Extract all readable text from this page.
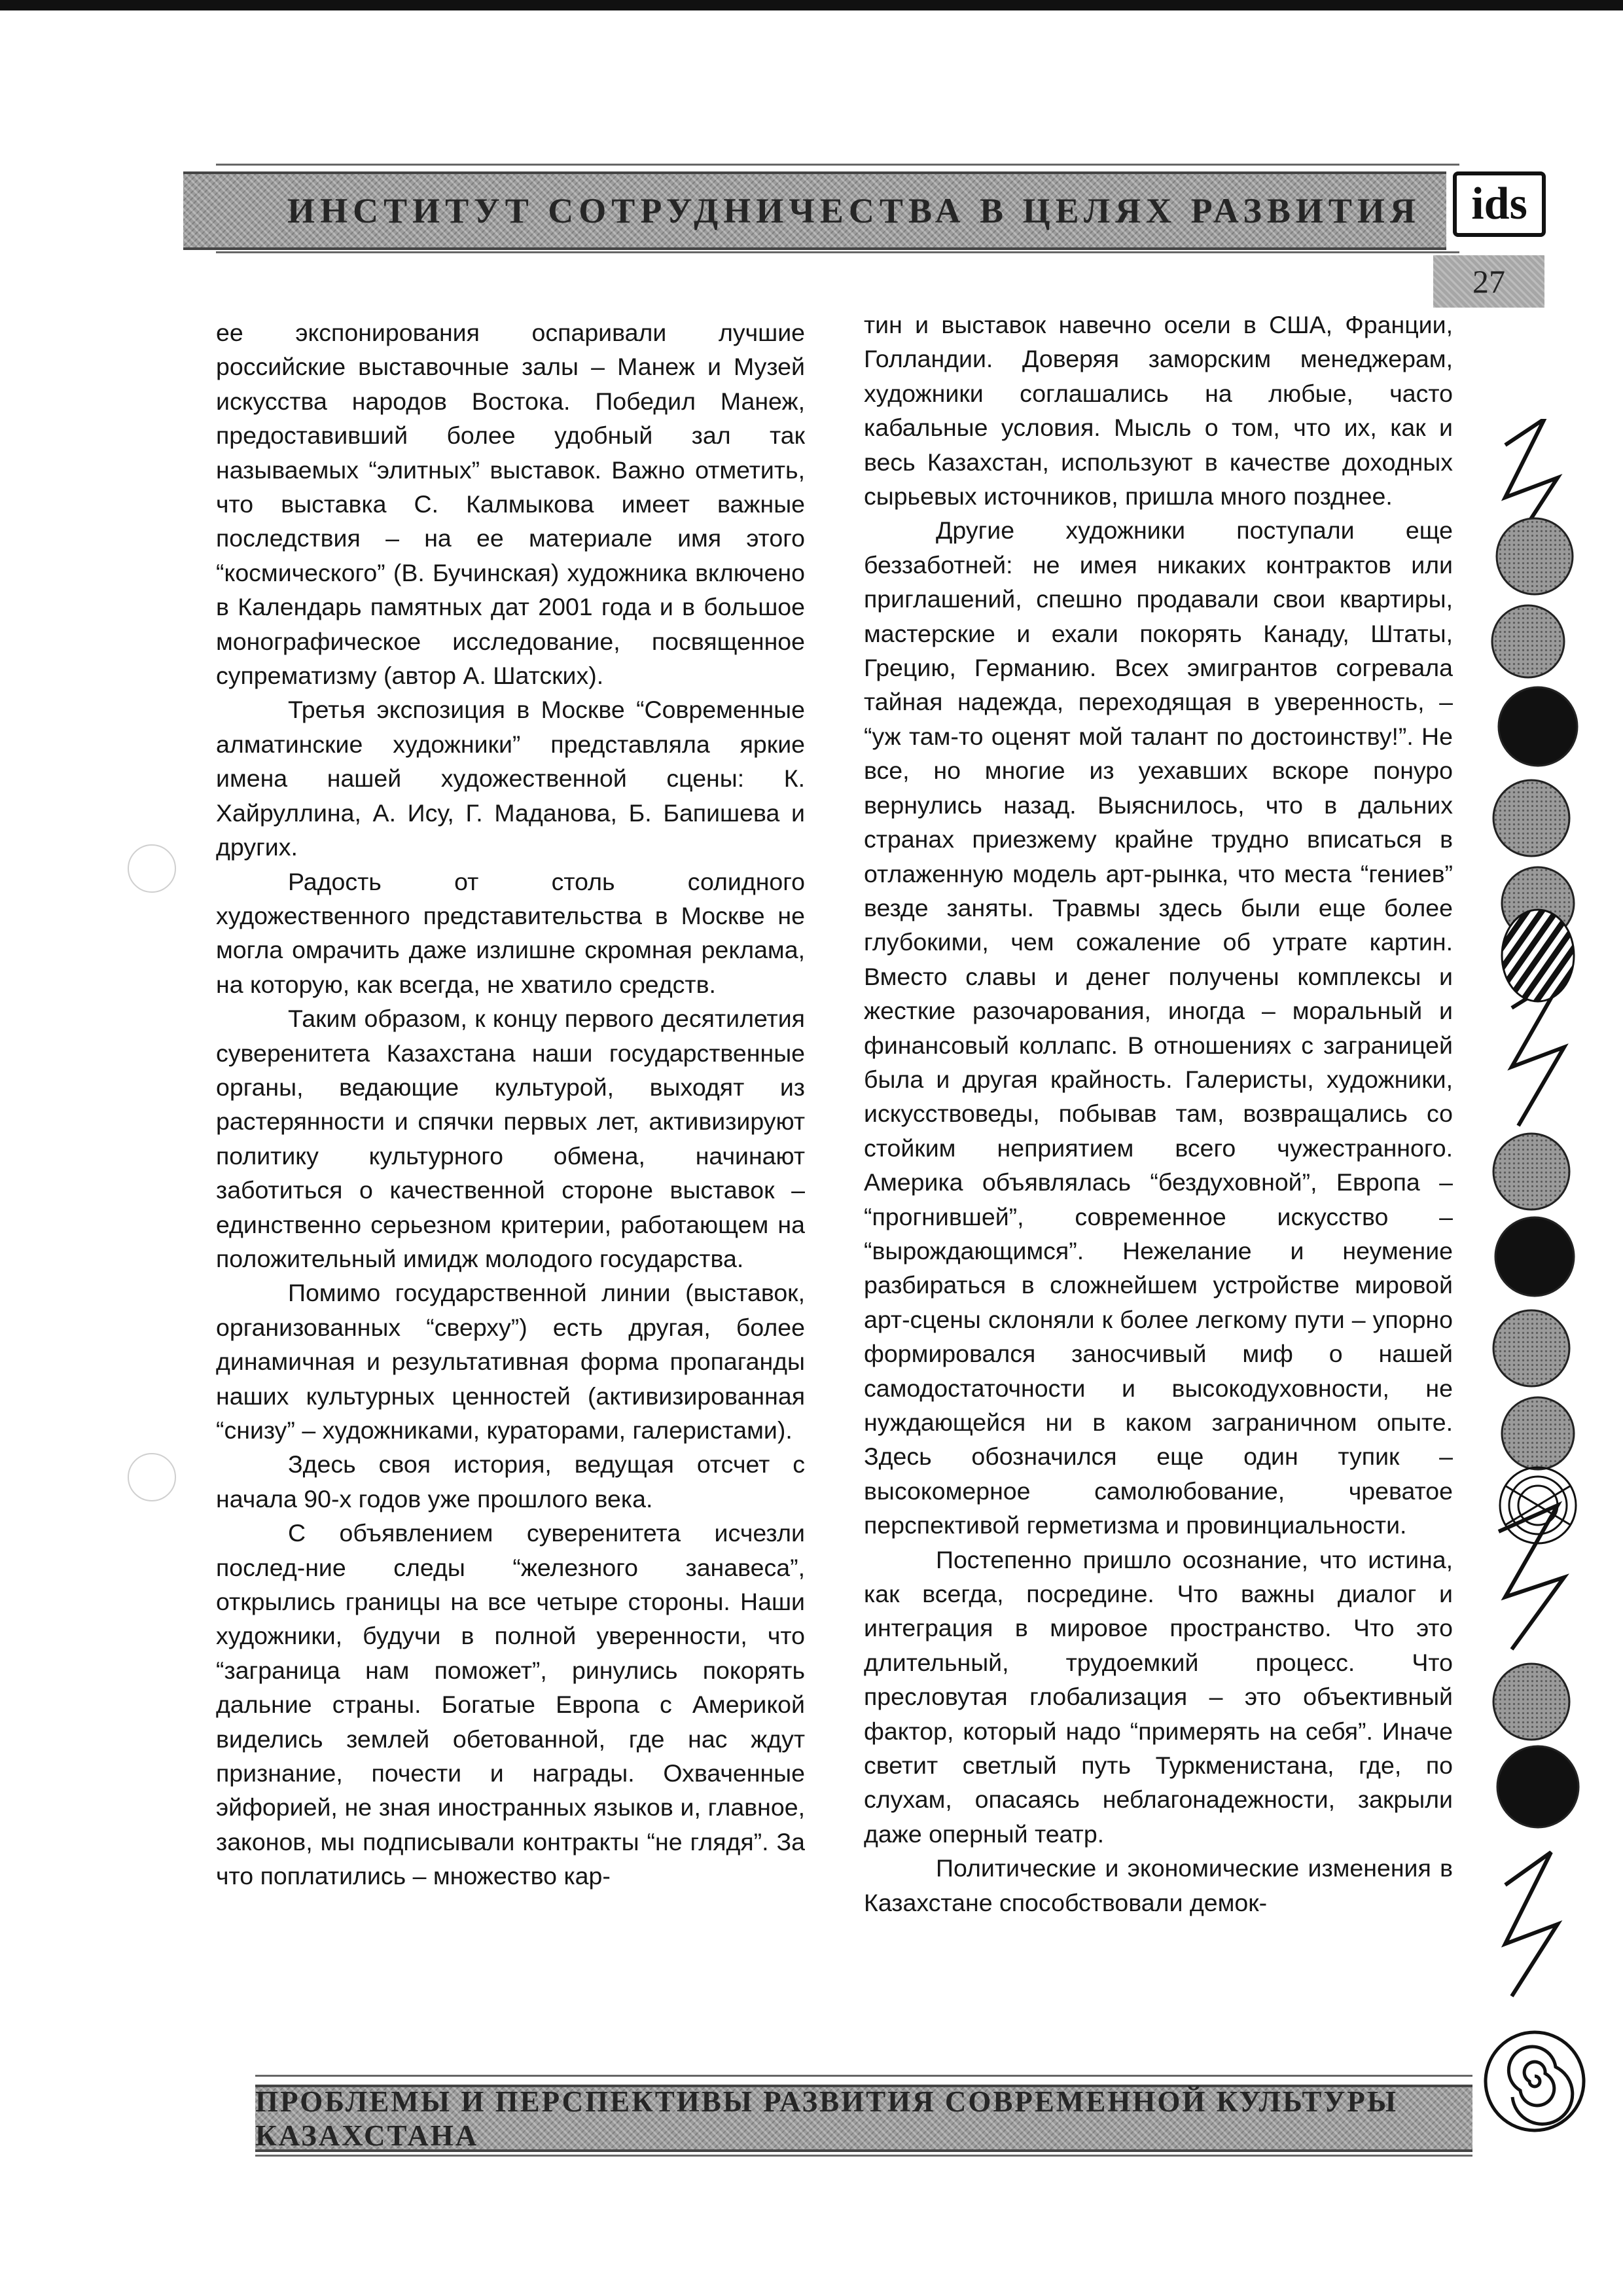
ИНСТИТУТ СОТРУДНИЧЕСТВА В ЦЕЛЯХ РАЗВИТИЯ ids
27

ее экспонирования оспаривали лучшие российские выставочные залы – Манеж и Музей искусства народов Востока. Победил Манеж, предоставивший более удобный зал так называемых “элитных” выставок. Важно отметить, что выставка С. Калмыкова имеет важные последствия – на ее материале имя этого “космического” (В. Бучинская) художника включено в Календарь памятных дат 2001 года и в большое монографическое исследование, посвященное супрематизму (автор А. Шатских).

Третья экспозиция в Москве “Современные алматинские художники” представляла яркие имена нашей художественной сцены: К. Хайруллина, А. Ису, Г. Маданова, Б. Бапишева и других.

Радость от столь солидного художественного представительства в Москве не могла омрачить даже излишне скромная реклама, на которую, как всегда, не хватило средств.

Таким образом, к концу первого десятилетия суверенитета Казахстана наши государственные органы, ведающие культурой, выходят из растерянности и спячки первых лет, активизируют политику культурного обмена, начинают заботиться о качественной стороне выставок – единственно серьезном критерии, работающем на положительный имидж молодого государства.

Помимо государственной линии (выставок, организованных “сверху”) есть другая, более динамичная и результативная форма пропаганды наших культурных ценностей (активизированная “снизу” – художниками, кураторами, галеристами).

Здесь своя история, ведущая отсчет с начала 90-х годов уже прошлого века.

С объявлением суверенитета исчезли послед-ние следы “железного занавеса”, открылись границы на все четыре стороны. Наши художники, будучи в полной уверенности, что “заграница нам поможет”, ринулись покорять дальние страны. Богатые Европа с Америкой виделись землей обетованной, где нас ждут признание, почести и награды. Охваченные эйфорией, не зная иностранных языков и, главное, законов, мы подписывали контракты “не глядя”. За что поплатились – множество кар-

тин и выставок навечно осели в США, Франции, Голландии. Доверяя заморским менеджерам, художники соглашались на любые, часто кабальные условия. Мысль о том, что их, как и весь Казахстан, используют в качестве доходных сырьевых источников, пришла много позднее.

Другие художники поступали еще беззаботней: не имея никаких контрактов или приглашений, спешно продавали свои квартиры, мастерские и ехали покорять Канаду, Штаты, Грецию, Германию. Всех эмигрантов согревала тайная надежда, переходящая в уверенность, – “уж там-то оценят мой талант по достоинству!”. Не все, но многие из уехавших вскоре понуро вернулись назад. Выяснилось, что в дальних странах приезжему крайне трудно вписаться в отлаженную модель арт-рынка, что места “гениев” везде заняты. Травмы здесь были еще более глубокими, чем сожаление об утрате картин. Вместо славы и денег получены комплексы и жесткие разочарования, иногда – моральный и финансовый коллапс. В отношениях с заграницей была и другая крайность. Галеристы, художники, искусствоведы, побывав там, возвращались со стойким неприятием всего чужестранного. Америка объявлялась “бездуховной”, Европа – “прогнившей”, современное искусство – “вырождающимся”. Нежелание и неумение разбираться в сложнейшем устройстве мировой арт-сцены склоняли к более легкому пути – упорно формировался заносчивый миф о нашей самодостаточности и высокодуховности, не нуждающейся ни в каком заграничном опыте. Здесь обозначился еще один тупик – высокомерное самолюбование, чреватое перспективой герметизма и провинциальности.

Постепенно пришло осознание, что истина, как всегда, посредине. Что важны диалог и интеграция в мировое пространство. Что это длительный, трудоемкий процесс. Что пресловутая глобализация – это объективный фактор, который надо “примерять на себя”. Иначе светит светлый путь Туркменистана, где, по слухам, опасаясь неблагонадежности, закрыли даже оперный театр.

Политические и экономические изменения в Казахстане способствовали демок-

ПРОБЛЕМЫ И ПЕРСПЕКТИВЫ РАЗВИТИЯ СОВРЕМЕННОЙ КУЛЬТУРЫ КАЗАХСТАНА
